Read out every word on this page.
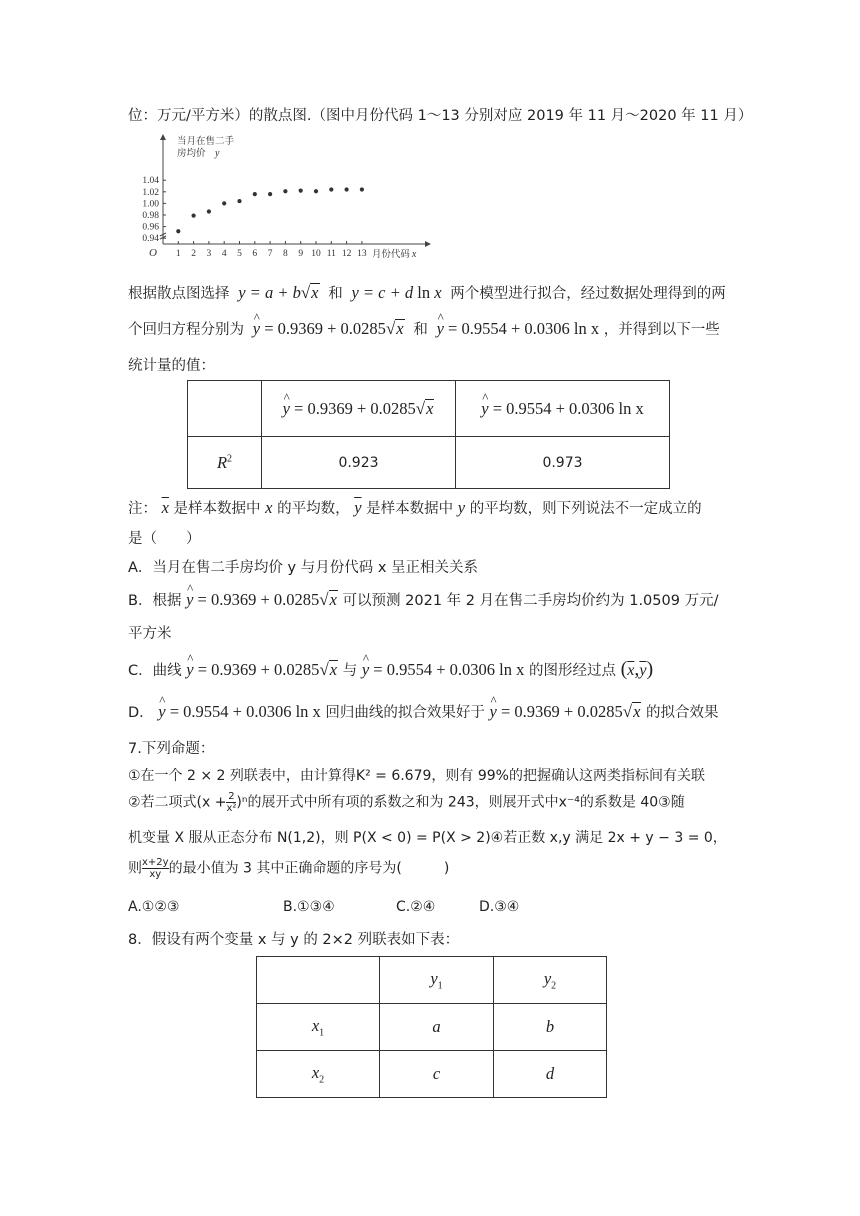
位：万元/平方米）的散点图.（图中月份代码 1～13 分别对应 2019 年 11 月～2020 年 11 月）
1.04
1.02
1.00
0.98
0.96
0.94
1 2 3 4 5 6 7 8 9 10 11 12 13
O
当月在售二手
房均价 y
月份代码 x
根据散点图选择  y = a + b√x 和  y = c + d ln x  两个模型进行拟合，经过数据处理得到的两
个回归方程分别为 ^ y = 0.9369 + 0.0285√x 和 ^ y = 0.9554 + 0.0306 ln x ，并得到以下一些
统计量的值：
	^ y = 0.9369 + 0.0285√x	^ y = 0.9554 + 0.0306 ln x
$R^2$	0.923	0.973
注： $\overline{x}$ 是样本数据中 x 的平均数， $\overline{y}$ 是样本数据中 y 的平均数，则下列说法不一定成立的
是（　　）
A．当月在售二手房均价 y 与月份代码 x 呈正相关关系
B．根据 ^ y = 0.9369 + 0.0285√x 可以预测 2021 年 2 月在售二手房均价约为 1.0509 万元/
平方米
C．曲线 ^ y = 0.9369 + 0.0285√x 与 ^ y = 0.9554 + 0.0306 ln x 的图形经过点 $(\overline{x},\overline{y})$
D． ^ y = 0.9554 + 0.0306 ln x 回归曲线的拟合效果好于 ^ y = 0.9369 + 0.0285√x 的拟合效果
7.下列命题：
①在一个 2 × 2 列联表中，由计算得K² = 6.679，则有 99%的把握确认这两类指标间有关联
②若二项式$(x + \frac{2}{\text{x²}} )^n$的展开式中所有项的系数之和为 243，则展开式中x⁻⁴的系数是 40③随
机变量 X 服从正态分布 N(1,2)，则 P(X < 0) = P(X > 2)④若正数 x,y 满足 2x + y − 3 = 0，
则 $\frac{x+2y}{xy}$ 的最小值为 3 其中正确命题的序号为(　　　)
A.①②③	B.①③④	C.②④	D.③④
8．假设有两个变量 x 与 y 的 2×2 列联表如下表：
	$y_1$	$y_2$
$x_1$	a	b
$x_2$	c	d
